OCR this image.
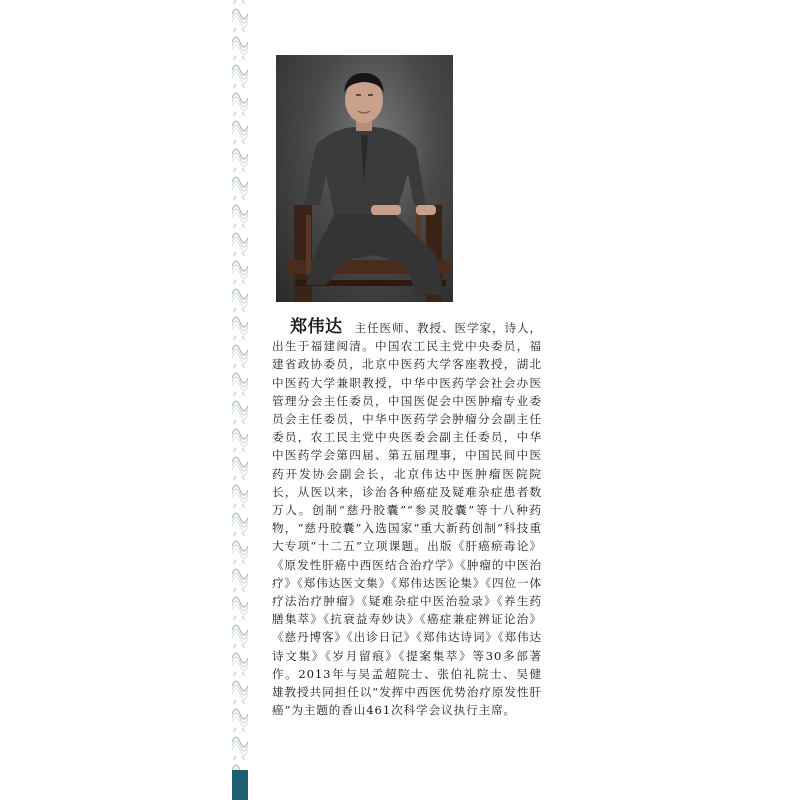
郑伟达 主任医师、教授、医学家，诗人，出生于福建闽清。中国农工民主党中央委员，福建省政协委员，北京中医药大学客座教授，湖北中医药大学兼职教授，中华中医药学会社会办医管理分会主任委员，中国医促会中医肿瘤专业委员会主任委员，中华中医药学会肿瘤分会副主任委员，农工民主党中央医委会副主任委员，中华中医药学会第四届、第五届理事，中国民间中医药开发协会副会长，北京伟达中医肿瘤医院院长，从医以来，诊治各种癌症及疑难杂症患者数万人。创制“慈丹胶囊”“参灵胶囊”等十八种药物，“慈丹胶囊”入选国家“重大新药创制”科技重大专项“十二五”立项课题。出版《肝癌瘀毒论》《原发性肝癌中西医结合治疗学》《肿瘤的中医治疗》《郑伟达医文集》《郑伟达医论集》《四位一体疗法治疗肿瘤》《疑难杂症中医治验录》《养生药膳集萃》《抗衰益寿妙诀》《癌症兼症辨证论治》《慈丹博客》《出诊日记》《郑伟达诗词》《郑伟达诗文集》《岁月留痕》《提案集萃》等30多部著作。2013年与吴孟超院士、张伯礼院士、吴健雄教授共同担任以“发挥中西医优势治疗原发性肝癌”为主题的香山461次科学会议执行主席。
